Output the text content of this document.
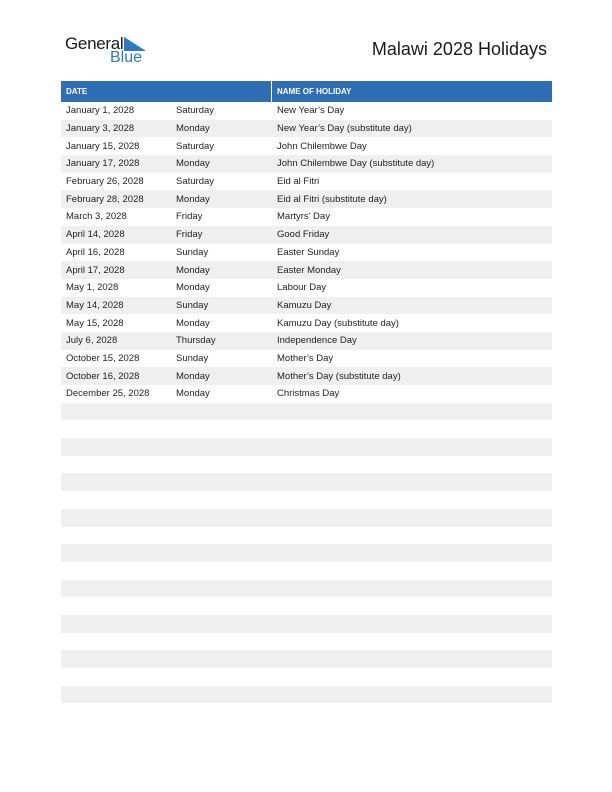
General
Blue	Malawi 2028 Holidays
DATE	NAME OF HOLIDAY
January 1, 2028	Saturday	New Year’s Day
January 3, 2028	Monday	New Year’s Day (substitute day)
January 15, 2028	Saturday	John Chilembwe Day
January 17, 2028	Monday	John Chilembwe Day (substitute day)
February 26, 2028	Saturday	Eid al Fitri
February 28, 2028	Monday	Eid al Fitri (substitute day)
March 3, 2028	Friday	Martyrs’ Day
April 14, 2028	Friday	Good Friday
April 16, 2028	Sunday	Easter Sunday
April 17, 2028	Monday	Easter Monday
May 1, 2028	Monday	Labour Day
May 14, 2028	Sunday	Kamuzu Day
May 15, 2028	Monday	Kamuzu Day (substitute day)
July 6, 2028	Thursday	Independence Day
October 15, 2028	Sunday	Mother’s Day
October 16, 2028	Monday	Mother’s Day (substitute day)
December 25, 2028	Monday	Christmas Day
